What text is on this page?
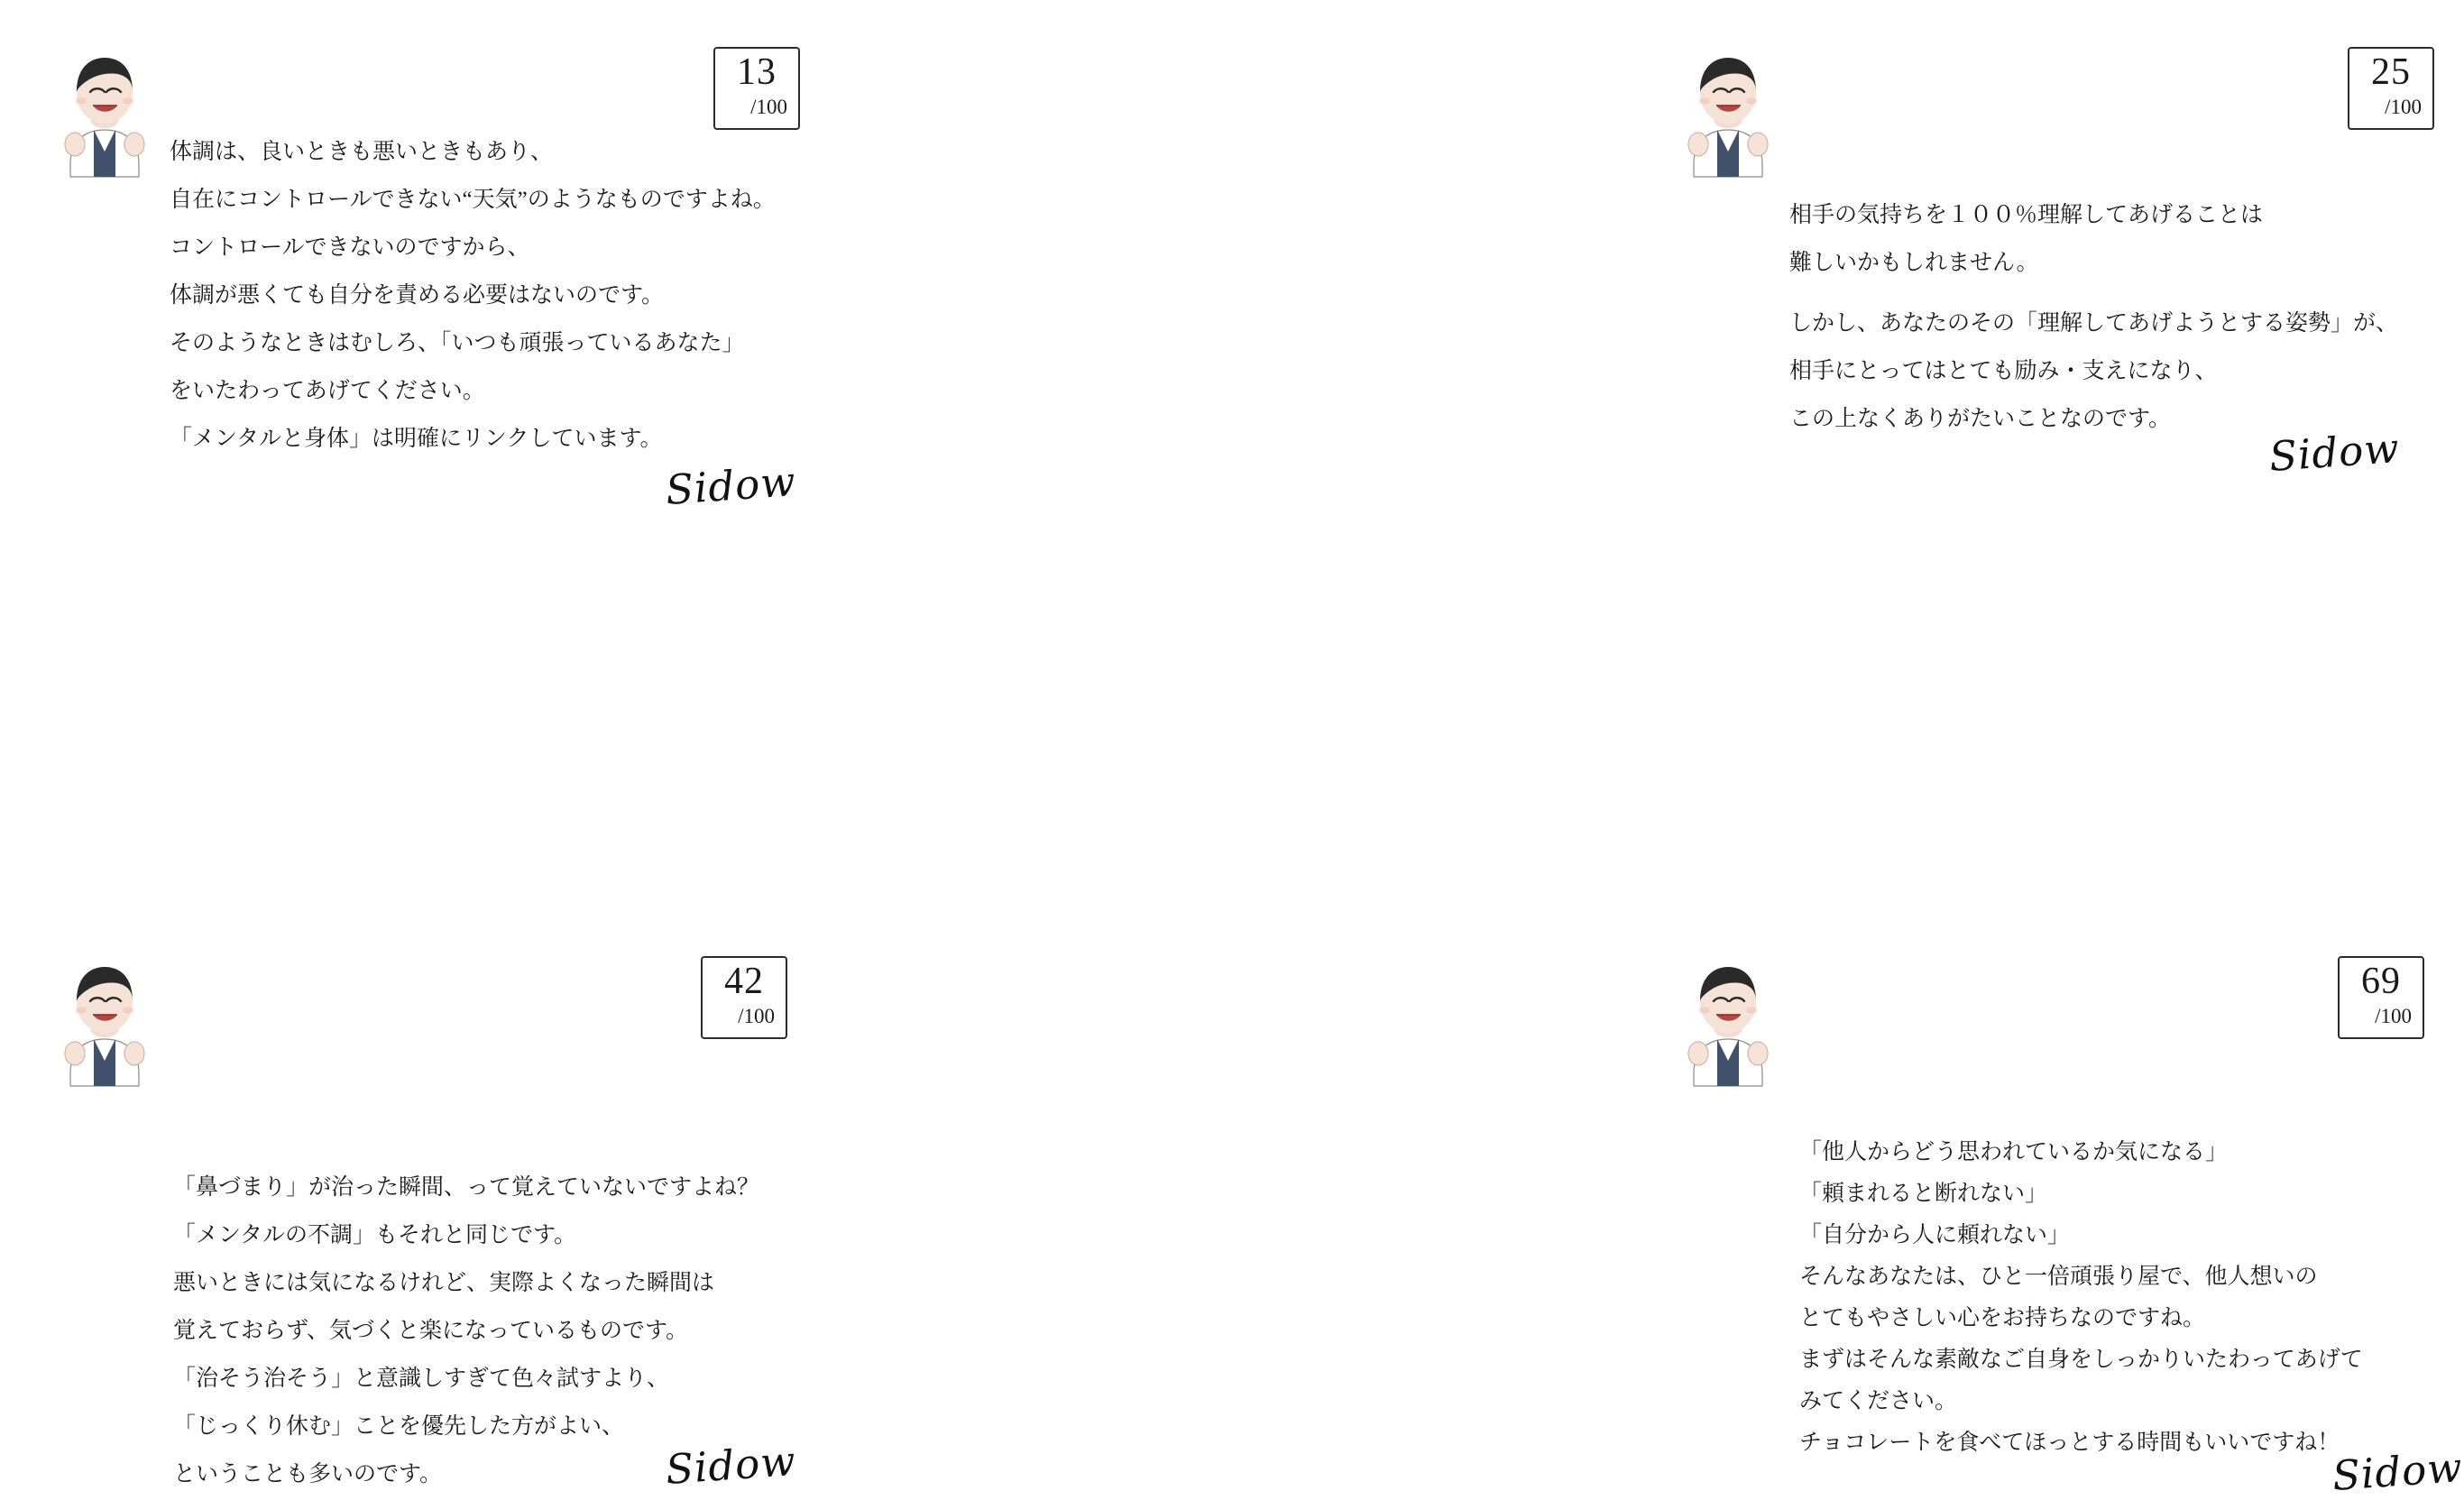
13
/100

体調は、良いときも悪いときもあり、

自在にコントロールできない“天気”のようなものですよね。

コントロールできないのですから、

体調が悪くても自分を責める必要はないのです。

そのようなときはむしろ、「いつも頑張っているあなた」

をいたわってあげてください。

「メンタルと身体」は明確にリンクしています。

Sidow
25
/100

相手の気持ちを１００％理解してあげることは

難しいかもしれません。

しかし、あなたのその「理解してあげようとする姿勢」が、

相手にとってはとても励み・支えになり、

この上なくありがたいことなのです。

Sidow
42
/100

「鼻づまり」が治った瞬間、って覚えていないですよね？

「メンタルの不調」もそれと同じです。

悪いときには気になるけれど、実際よくなった瞬間は

覚えておらず、気づくと楽になっているものです。

「治そう治そう」と意識しすぎて色々試すより、

「じっくり休む」ことを優先した方がよい、

ということも多いのです。	Sidow
69
/100

「他人からどう思われているか気になる」

「頼まれると断れない」

「自分から人に頼れない」

そんなあなたは、ひと一倍頑張り屋で、他人想いの

とてもやさしい心をお持ちなのですね。

まずはそんな素敵なご自身をしっかりいたわってあげて

みてください。

チョコレートを食べてほっとする時間もいいですね！

Sidow
